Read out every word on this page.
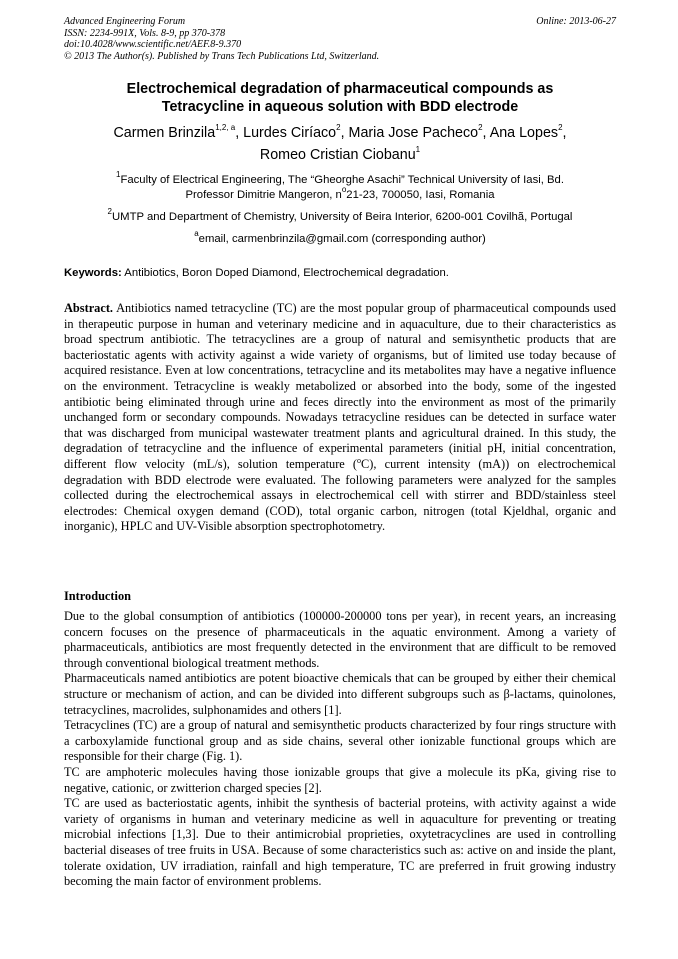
Advanced Engineering Forum
ISSN: 2234-991X, Vols. 8-9, pp 370-378
doi:10.4028/www.scientific.net/AEF.8-9.370
© 2013 The Author(s). Published by Trans Tech Publications Ltd, Switzerland.
Online: 2013-06-27
Electrochemical degradation of pharmaceutical compounds as
Tetracycline in aqueous solution with BDD electrode
Carmen Brinzila$^{1,2, a}$, Lurdes Ciríaco$^2$, Maria Jose Pacheco$^2$, Ana Lopes$^2$,
Romeo Cristian Ciobanu$^1$
$^1$Faculty of Electrical Engineering, The “Gheorghe Asachi” Technical University of Iasi, Bd.
Professor Dimitrie Mangeron, $n^o21-23$, 700050, Iasi, Romania
$^2$UMTP and Department of Chemistry, University of Beira Interior, 6200-001 Covilhã, Portugal
$^a$email, carmenbrinzila@gmail.com (corresponding author)
Keywords: Antibiotics, Boron Doped Diamond, Electrochemical degradation.
Abstract. Antibiotics named tetracycline (TC) are the most popular group of pharmaceutical compounds used in therapeutic purpose in human and veterinary medicine and in aquaculture, due to their characteristics as broad spectrum antibiotic. The tetracyclines are a group of natural and semisynthetic products that are bacteriostatic agents with activity against a wide variety of organisms, but of limited use today because of acquired resistance. Even at low concentrations, tetracycline and its metabolites may have a negative influence on the environment. Tetracycline is weakly metabolized or absorbed into the body, some of the ingested antibiotic being eliminated through urine and feces directly into the environment as most of the primarily unchanged form or secondary compounds. Nowadays tetracycline residues can be detected in surface water that was discharged from municipal wastewater treatment plants and agricultural drained. In this study, the degradation of tetracycline and the influence of experimental parameters (initial pH, initial concentration, different flow velocity (mL/s), solution temperature ($^o$C), current intensity (mA)) on electrochemical degradation with BDD electrode were evaluated. The following parameters were analyzed for the samples collected during the electrochemical assays in electrochemical cell with stirrer and BDD/stainless steel electrodes: Chemical oxygen demand (COD), total organic carbon, nitrogen (total Kjeldhal, organic and inorganic), HPLC and UV-Visible absorption spectrophotometry.
Introduction

Due to the global consumption of antibiotics (100000-200000 tons per year), in recent years, an increasing concern focuses on the presence of pharmaceuticals in the aquatic environment. Among a variety of pharmaceuticals, antibiotics are most frequently detected in the environment that are difficult to be removed through conventional biological treatment methods.

Pharmaceuticals named antibiotics are potent bioactive chemicals that can be grouped by either their chemical structure or mechanism of action, and can be divided into different subgroups such as β-lactams, quinolones, tetracyclines, macrolides, sulphonamides and others [1].

Tetracyclines (TC) are a group of natural and semisynthetic products characterized by four rings structure with a carboxylamide functional group and as side chains, several other ionizable functional groups which are responsible for their charge (Fig. 1).

TC are amphoteric molecules having those ionizable groups that give a molecule its pKa, giving rise to negative, cationic, or zwitterion charged species [2].

TC are used as bacteriostatic agents, inhibit the synthesis of bacterial proteins, with activity against a wide variety of organisms in human and veterinary medicine as well in aquaculture for preventing or treating microbial infections [1,3]. Due to their antimicrobial proprieties, oxytetracyclines are used in controlling bacterial diseases of tree fruits in USA. Because of some characteristics such as: active on and inside the plant, tolerate oxidation, UV irradiation, rainfall and high temperature, TC are preferred in fruit growing industry becoming the main factor of environment problems.
